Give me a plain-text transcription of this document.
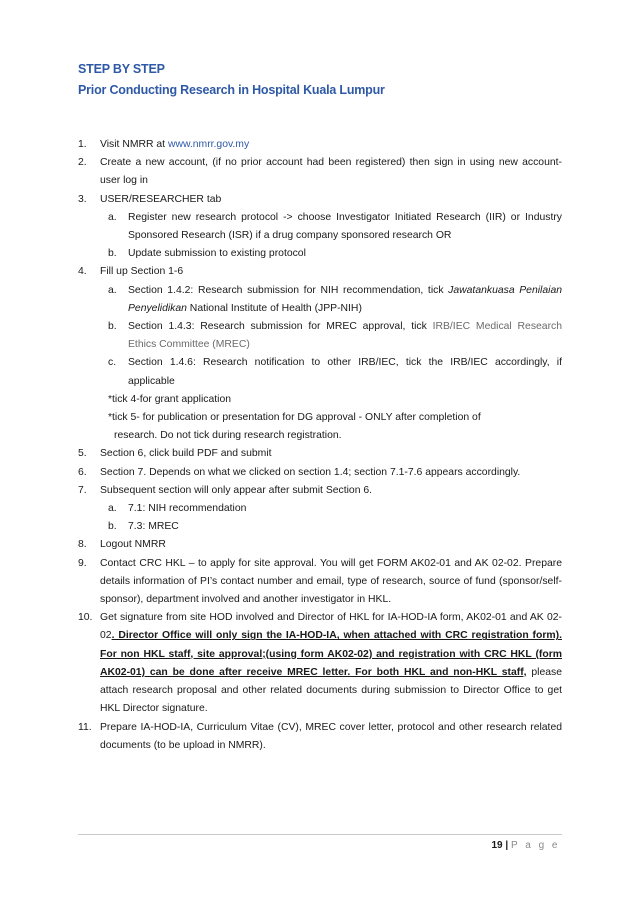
STEP BY STEP
Prior Conducting Research in Hospital Kuala Lumpur
1. Visit NMRR at www.nmrr.gov.my
2. Create a new account, (if no prior account had been registered) then sign in using new account- user log in
3. USER/RESEARCHER tab
a. Register new research protocol -> choose Investigator Initiated Research (IIR) or Industry Sponsored Research (ISR) if a drug company sponsored research OR
b. Update submission to existing protocol
4. Fill up Section 1-6
a. Section 1.4.2: Research submission for NIH recommendation, tick Jawatankuasa Penilaian Penyelidikan National Institute of Health (JPP-NIH)
b. Section 1.4.3: Research submission for MREC approval, tick IRB/IEC Medical Research Ethics Committee (MREC)
c. Section 1.4.6: Research notification to other IRB/IEC, tick the IRB/IEC accordingly, if applicable
*tick 4-for grant application
*tick 5- for publication or presentation for DG approval - ONLY after completion of
research. Do not tick during research registration.
5. Section 6, click build PDF and submit
6. Section 7. Depends on what we clicked on section 1.4; section 7.1-7.6 appears accordingly.
7. Subsequent section will only appear after submit Section 6.
a. 7.1: NIH recommendation
b. 7.3: MREC
8. Logout NMRR
9. Contact CRC HKL – to apply for site approval. You will get FORM AK02-01 and AK 02-02. Prepare details information of PI’s contact number and email, type of research, source of fund (sponsor/self-sponsor), department involved and another investigator in HKL.
10. Get signature from site HOD involved and Director of HKL for IA-HOD-IA form, AK02-01 and AK 02-02. Director Office will only sign the IA-HOD-IA, when attached with CRC registration form). For non HKL staff, site approval;(using form AK02-02) and registration with CRC HKL (form AK02-01) can be done after receive MREC letter. For both HKL and non-HKL staff, please attach research proposal and other related documents during submission to Director Office to get HKL Director signature.
11. Prepare IA-HOD-IA, Curriculum Vitae (CV), MREC cover letter, protocol and other research related documents (to be upload in NMRR).
19 | P a g e
